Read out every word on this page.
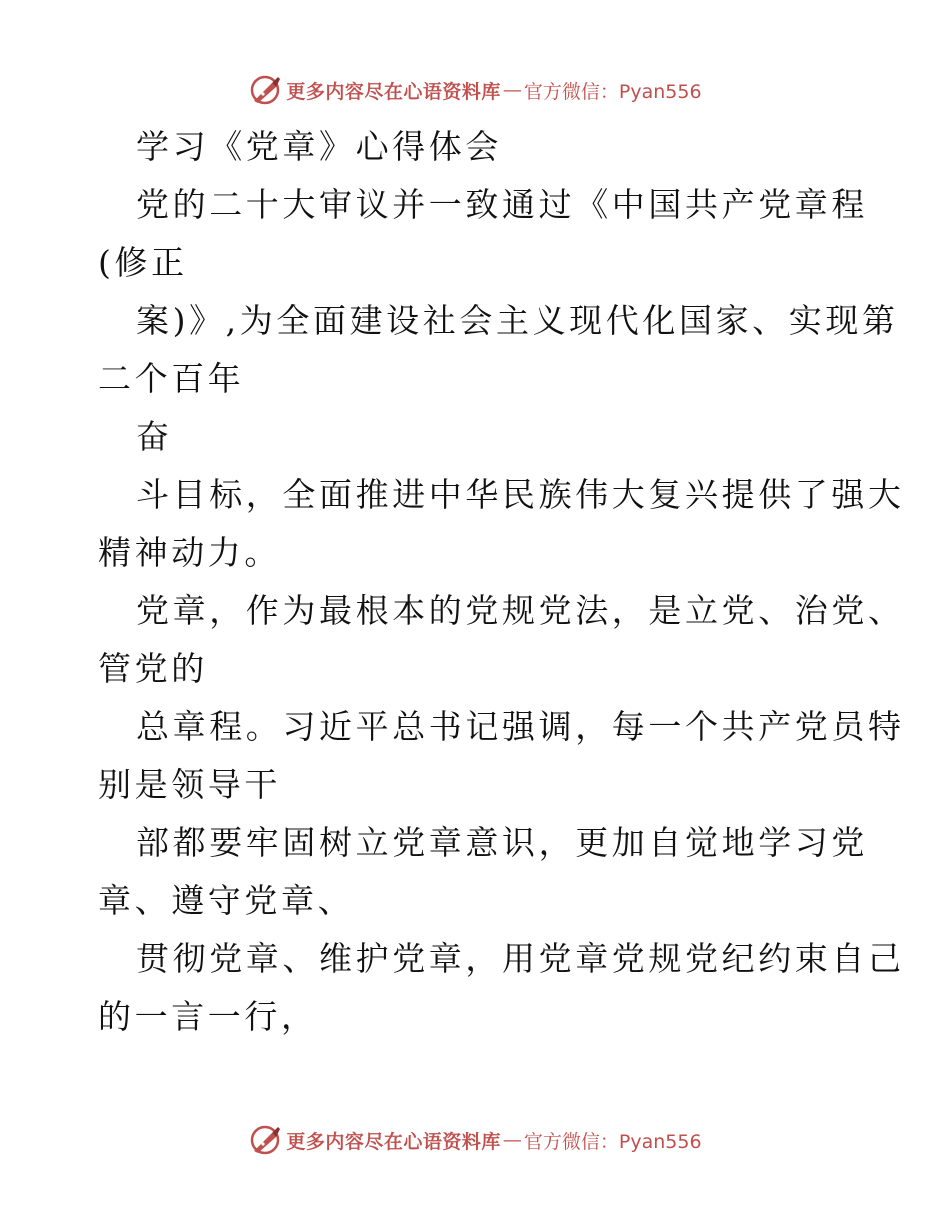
更多内容尽在心语资料库 — 官方微信：Pyan556
学习《党章》心得体会
党的二十大审议并一致通过《中国共产党章程
(修正
案)》,为全面建设社会主义现代化国家、实现第
二个百年
奋
斗目标，全面推进中华民族伟大复兴提供了强大
精神动力。
党章，作为最根本的党规党法，是立党、治党、
管党的
总章程。习近平总书记强调，每一个共产党员特
别是领导干
部都要牢固树立党章意识，更加自觉地学习党
章、遵守党章、
贯彻党章、维护党章，用党章党规党纪约束自己
的一言一行，
更多内容尽在心语资料库 — 官方微信：Pyan556
